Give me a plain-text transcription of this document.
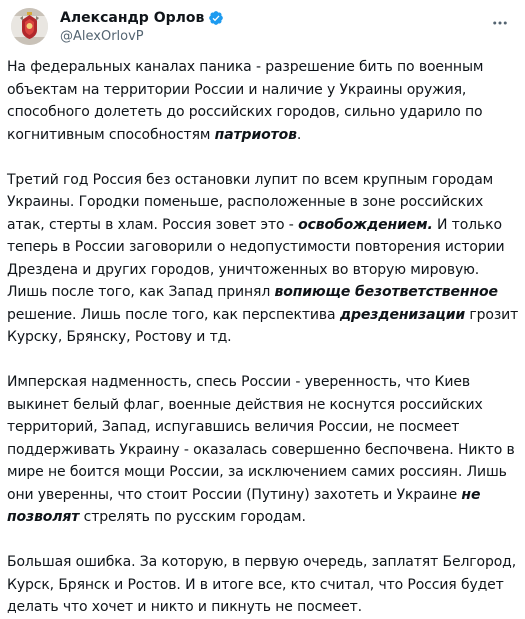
Александр Орлов
@AlexOrlovP

На федеральных каналах паника - разрешение бить по военным объектам на территории России и наличие у Украины оружия, способного долететь до российских городов, сильно ударило по когнитивным способностям патриотов.

Третий год Россия без остановки лупит по всем крупным городам Украины. Городки поменьше, расположенные в зоне российских атак, стерты в хлам. Россия зовет это - освобождением. И только теперь в России заговорили о недопустимости повторения истории Дрездена и других городов, уничтоженных во вторую мировую. Лишь после того, как Запад принял вопиюще безответственное решение. Лишь после того, как перспектива дрезденизации грозит Курску, Брянску, Ростову и тд.

Имперская надменность, спесь России - уверенность, что Киев выкинет белый флаг, военные действия не коснутся российских территорий, Запад, испугавшись величия России, не посмеет поддерживать Украину - оказалась совершенно беспочвена. Никто в мире не боится мощи России, за исключением самих россиян. Лишь они уверенны, что стоит России (Путину) захотеть и Украине не позволят стрелять по русским городам.

Большая ошибка. За которую, в первую очередь, заплатят Белгород, Курск, Брянск и Ростов. И в итоге все, кто считал, что Россия будет делать что хочет и никто и пикнуть не посмеет.
